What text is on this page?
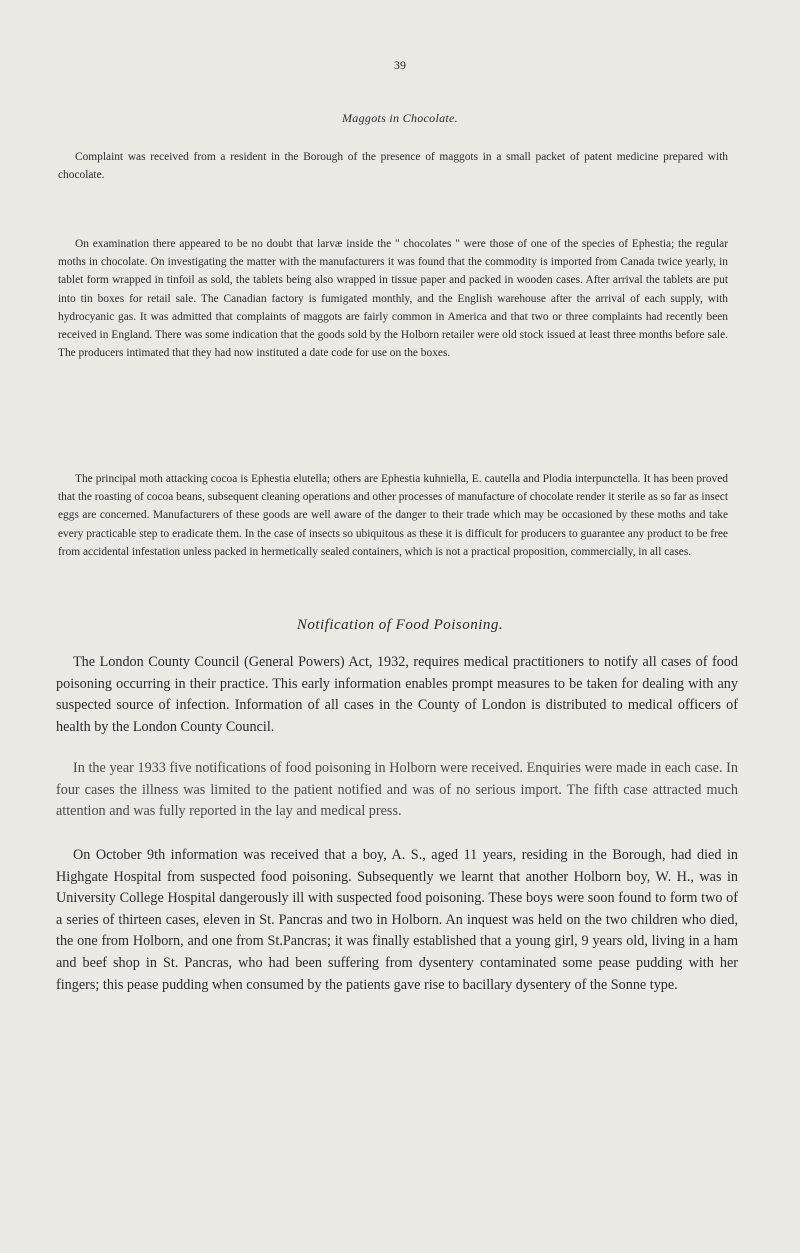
39
Maggots in Chocolate.

Complaint was received from a resident in the Borough of the presence of maggots in a small packet of patent medicine prepared with chocolate.

On examination there appeared to be no doubt that larvæ inside the " chocolates " were those of one of the species of Ephestia; the regular moths in chocolate. On investigating the matter with the manufacturers it was found that the commodity is imported from Canada twice yearly, in tablet form wrapped in tinfoil as sold, the tablets being also wrapped in tissue paper and packed in wooden cases. After arrival the tablets are put into tin boxes for retail sale. The Canadian factory is fumigated monthly, and the English warehouse after the arrival of each supply, with hydrocyanic gas. It was admitted that complaints of maggots are fairly common in America and that two or three complaints had recently been received in England. There was some indication that the goods sold by the Holborn retailer were old stock issued at least three months before sale. The producers intimated that they had now instituted a date code for use on the boxes.

The principal moth attacking cocoa is Ephestia elutella; others are Ephestia kuhniella, E. cautella and Plodia interpunctella. It has been proved that the roasting of cocoa beans, subsequent cleaning operations and other processes of manufacture of chocolate render it sterile as so far as insect eggs are concerned. Manufacturers of these goods are well aware of the danger to their trade which may be occasioned by these moths and take every practicable step to eradicate them. In the case of insects so ubiquitous as these it is difficult for producers to guarantee any product to be free from accidental infestation unless packed in hermetically sealed containers, which is not a practical proposition, commercially, in all cases.

Notification of Food Poisoning.

The London County Council (General Powers) Act, 1932, requires medical practitioners to notify all cases of food poisoning occurring in their practice. This early information enables prompt measures to be taken for dealing with any suspected source of infection. Information of all cases in the County of London is distributed to medical officers of health by the London County Council.

In the year 1933 five notifications of food poisoning in Holborn were received. Enquiries were made in each case. In four cases the illness was limited to the patient notified and was of no serious import. The fifth case attracted much attention and was fully reported in the lay and medical press.

On October 9th information was received that a boy, A. S., aged 11 years, residing in the Borough, had died in Highgate Hospital from suspected food poisoning. Subsequently we learnt that another Holborn boy, W. H., was in University College Hospital dangerously ill with suspected food poisoning. These boys were soon found to form two of a series of thirteen cases, eleven in St. Pancras and two in Holborn. An inquest was held on the two children who died, the one from Holborn, and one from St.Pancras; it was finally established that a young girl, 9 years old, living in a ham and beef shop in St. Pancras, who had been suffering from dysentery contaminated some pease pudding with her fingers; this pease pudding when consumed by the patients gave rise to bacillary dysentery of the Sonne type.
